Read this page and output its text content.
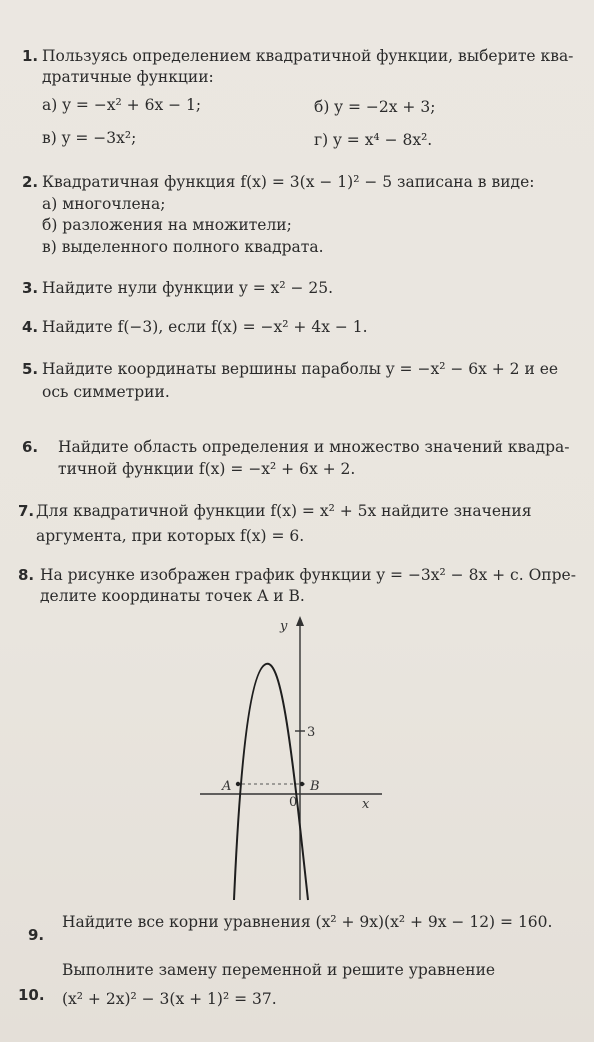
1. Пользуясь определением квадратичной функции, выберите ква-
дратичные функции:
а) y = −x² + 6x − 1;	б) y = −2x + 3;
в) y = −3x²;	г) y = x⁴ − 8x².
2. Квадратичная функция f(x) = 3(x − 1)² − 5 записана в виде:
а) многочлена;
б) разложения на множители;
в) выделенного полного квадрата.
3. Найдите нули функции y = x² − 25.
4. Найдите f(−3), если f(x) = −x² + 4x − 1.
5. Найдите координаты вершины параболы y = −x² − 6x + 2 и ее
ось симметрии.
6. Найдите область определения и множество значений квадра-
тичной функции f(x) = −x² + 6x + 2.
7. Для квадратичной функции f(x) = x² + 5x найдите значения
аргумента, при которых f(x) = 6.
8. На рисунке изображен график функции y = −3x² − 8x + c. Опре-
делите координаты точек A и B.
y
x
0
3
A	B
9.
Найдите все корни уравнения (x² + 9x)(x² + 9x − 12) = 160.
Выполните замену переменной и решите уравнение
10. (x² + 2x)² − 3(x + 1)² = 37.
